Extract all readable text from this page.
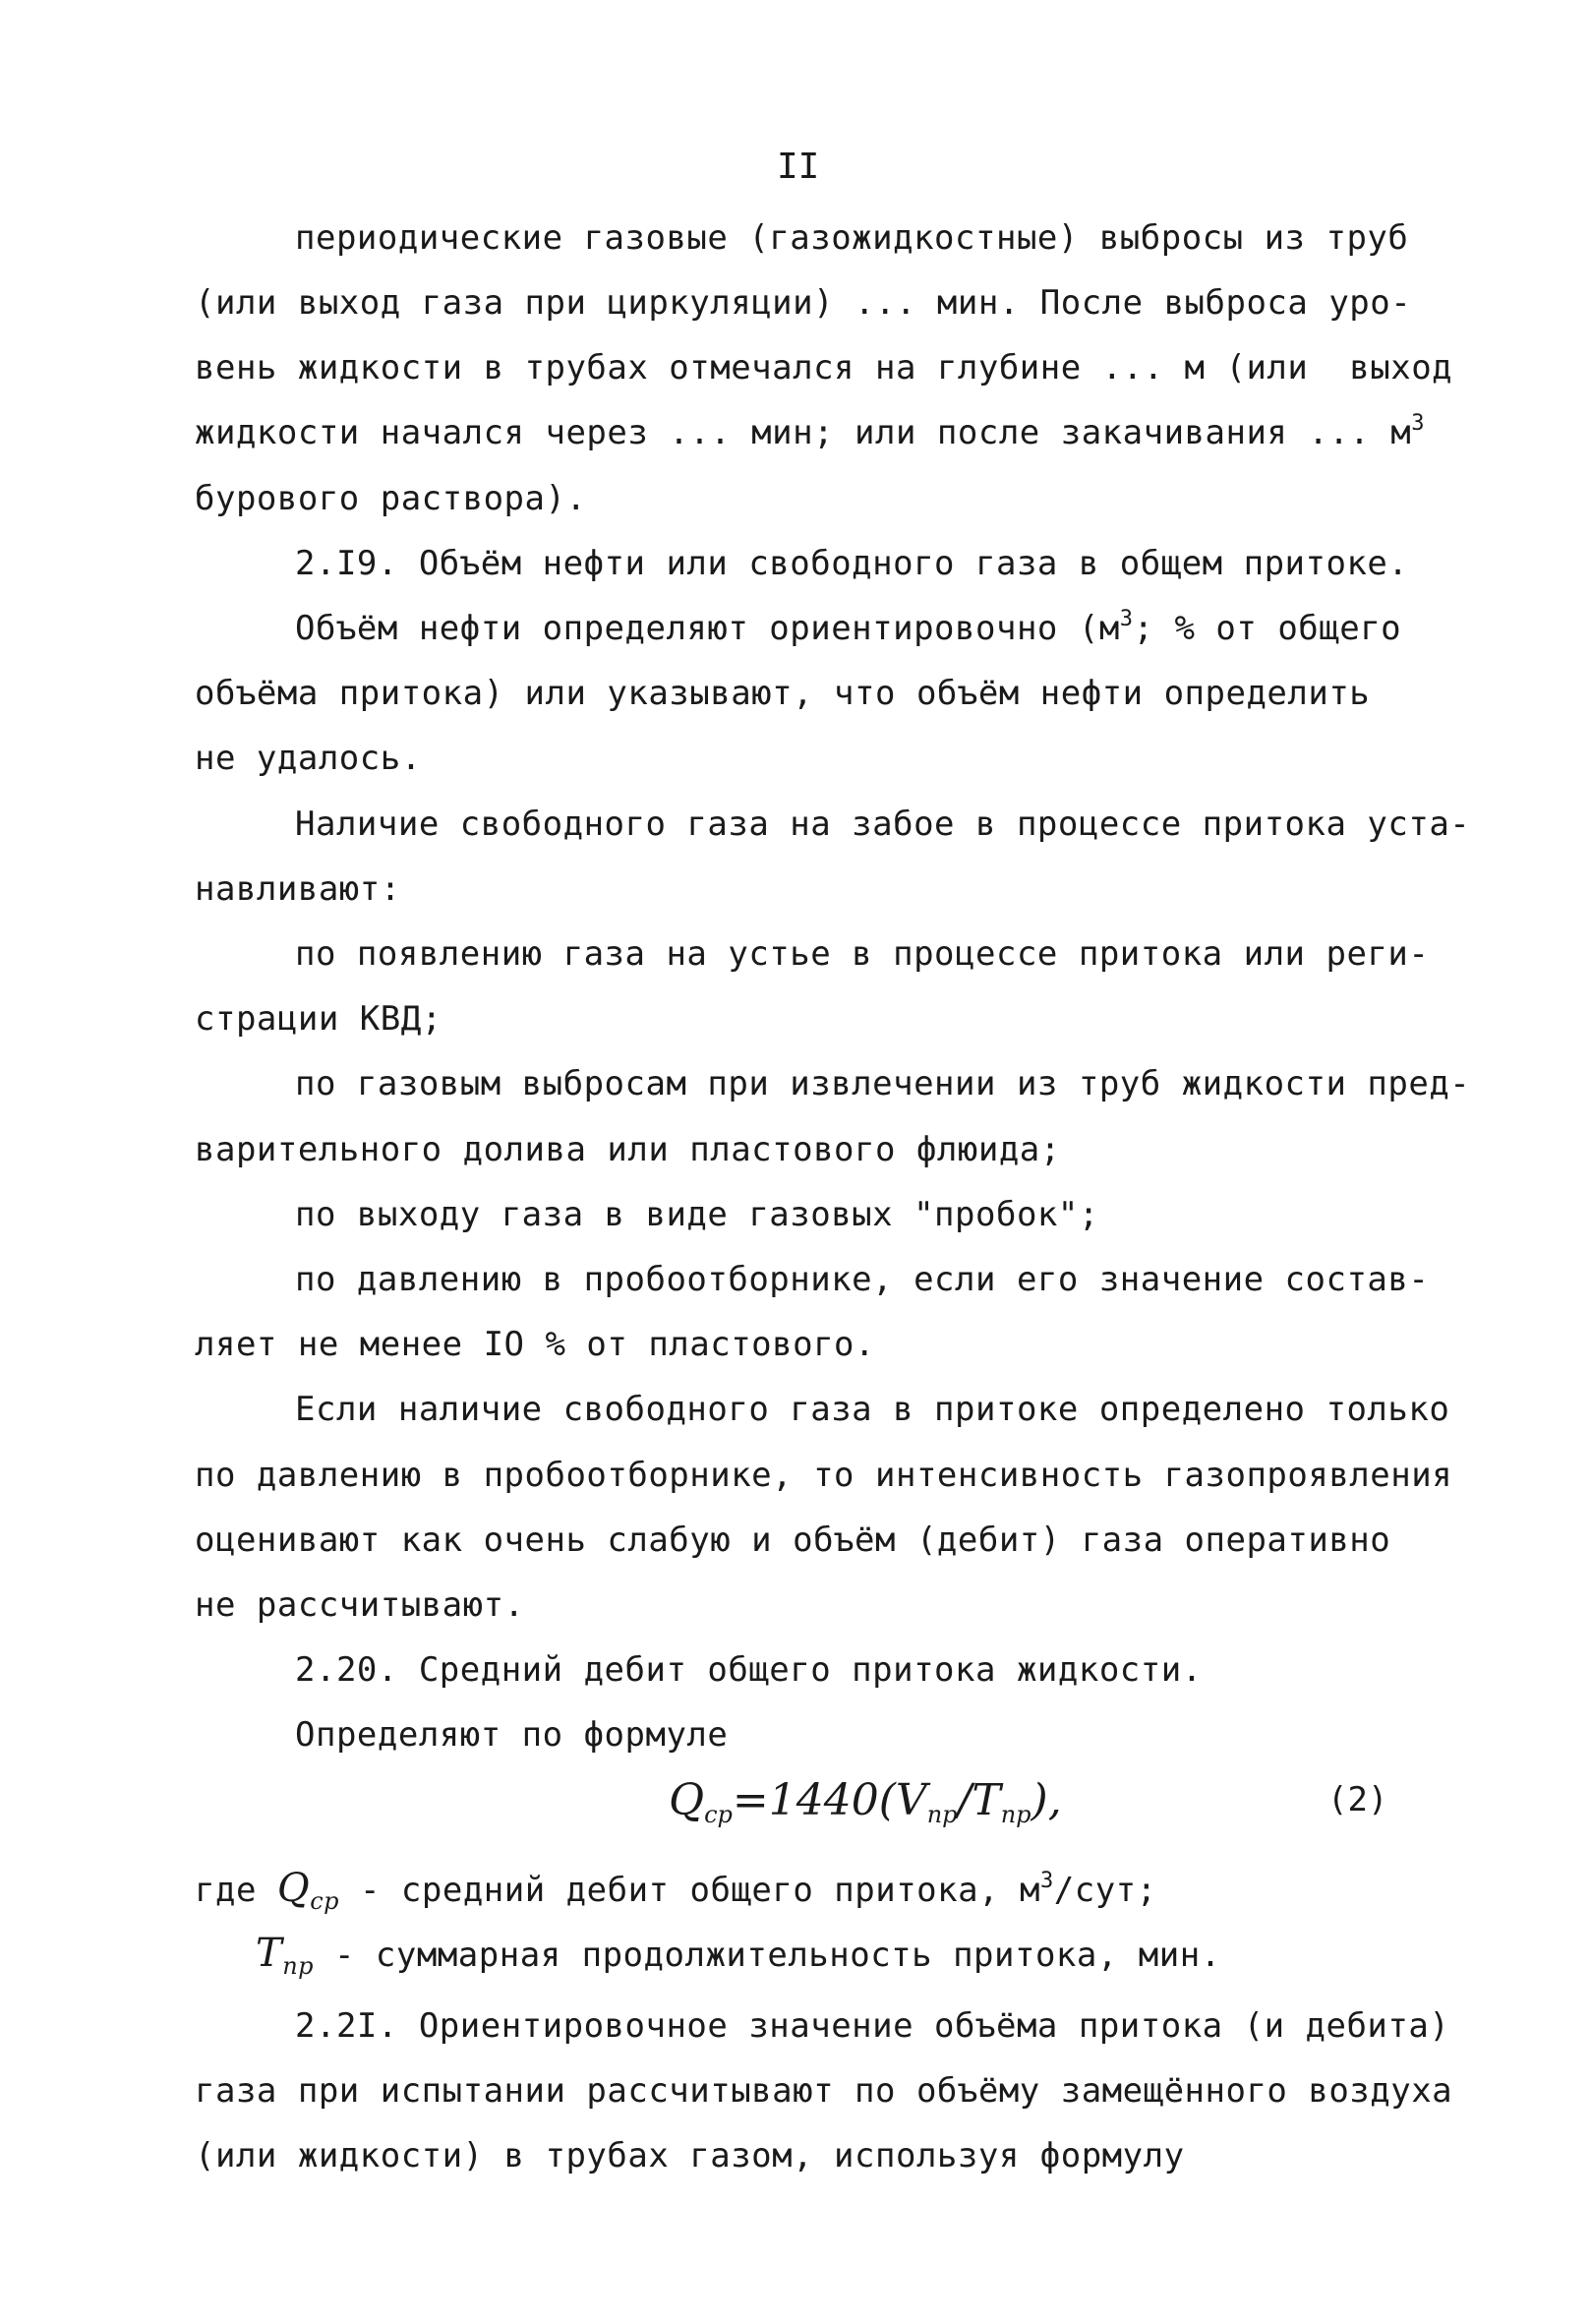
II
периодические газовые (газожидкостные) выбросы из труб
(или выход газа при циркуляции) ... мин. После выброса уро-
вень жидкости в трубах отмечался на глубине ... м (или  выход
жидкости начался через ... мин; или после закачивания ... $м^3$
бурового раствора).
2.I9. Объём нефти или свободного газа в общем притоке.
Объём нефти определяют ориентировочно ($м^3$; % от общего
объёма притока) или указывают, что объём нефти определить
не удалось.
Наличие свободного газа на забое в процессе притока уста-
навливают:
по появлению газа на устье в процессе притока или реги-
страции КВД;
по газовым выбросам при извлечении из труб жидкости пред-
варительного долива или пластового флюида;
по выходу газа в виде газовых "пробок";
по давлению в пробоотборнике, если его значение состав-
ляет не менее IO % от пластового.
Если наличие свободного газа в притоке определено только
по давлению в пробоотборнике, то интенсивность газопроявления
оценивают как очень слабую и объём (дебит) газа оперативно
не рассчитывают.
2.20. Средний дебит общего притока жидкости.
Определяют по формуле
$Q_{ср}=1440(V_{пр}/T_{пр})$,	(2)
где $Q_{ср}$ - средний дебит общего притока, $м^3$/сут;
$T_{пр}$ - суммарная продолжительность притока, мин.
2.2I. Ориентировочное значение объёма притока (и дебита)
газа при испытании рассчитывают по объёму замещённого воздуха
(или жидкости) в трубах газом, используя формулу
